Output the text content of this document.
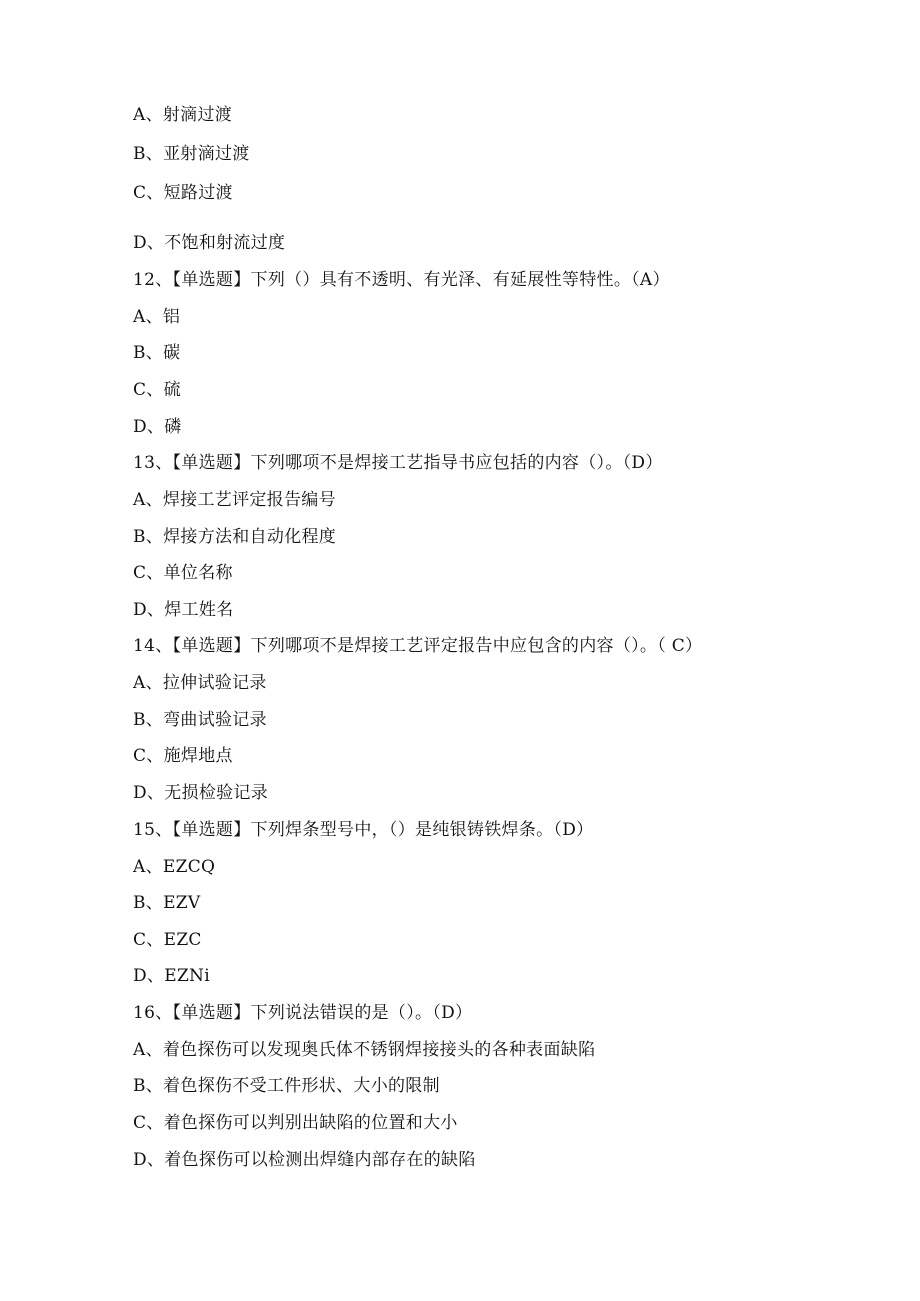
A、射滴过渡
B、亚射滴过渡
C、短路过渡
D、不饱和射流过度
12、【单选题】下列（）具有不透明、有光泽、有延展性等特性。（A）
A、铝
B、碳
C、硫
D、磷
13、【单选题】下列哪项不是焊接工艺指导书应包括的内容（）。（D）
A、焊接工艺评定报告编号
B、焊接方法和自动化程度
C、单位名称
D、焊工姓名
14、【单选题】下列哪项不是焊接工艺评定报告中应包含的内容（）。（ C）
A、拉伸试验记录
B、弯曲试验记录
C、施焊地点
D、无损检验记录
15、【单选题】下列焊条型号中，（）是纯银铸铁焊条。（D）
A、EZCQ
B、EZV
C、EZC
D、EZNi
16、【单选题】下列说法错误的是（）。（D）
A、着色探伤可以发现奥氏体不锈钢焊接接头的各种表面缺陷
B、着色探伤不受工件形状、大小的限制
C、着色探伤可以判别出缺陷的位置和大小
D、着色探伤可以检测出焊缝内部存在的缺陷
